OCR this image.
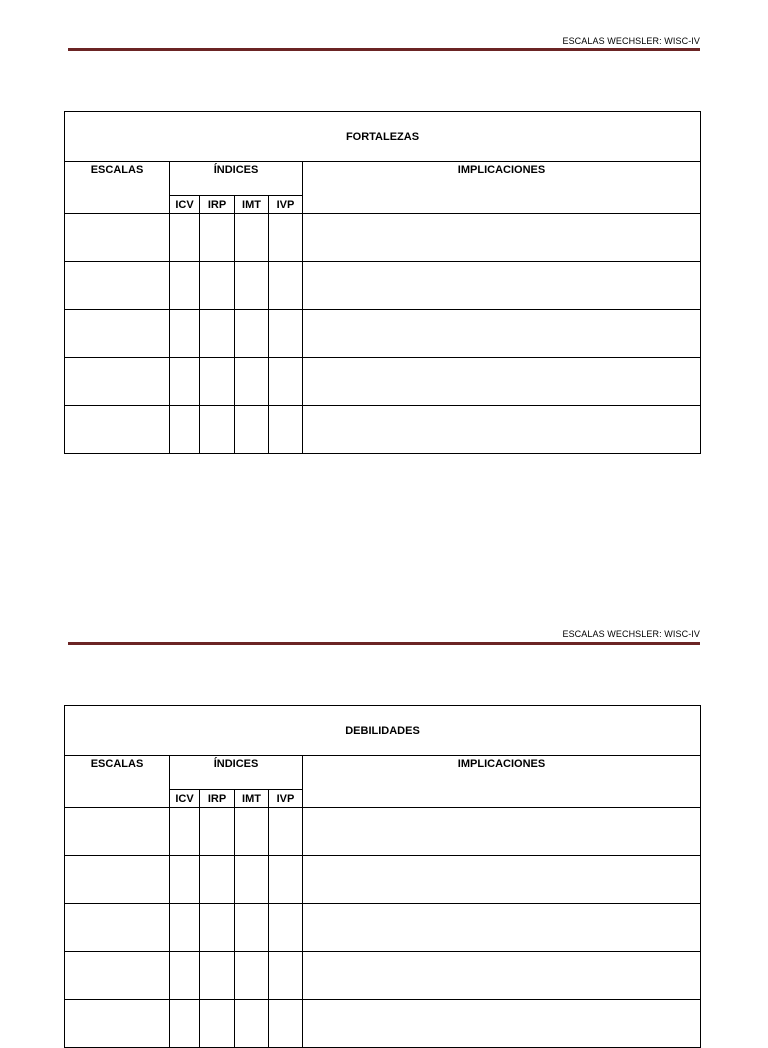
ESCALAS WECHSLER: WISC-IV
FORTALEZAS					
ESCALAS	ÍNDICES				IMPLICACIONES
	ICV	IRP	IMT	IVP	

ESCALAS WECHSLER: WISC-IV
DEBILIDADES					
ESCALAS	ÍNDICES				IMPLICACIONES
	ICV	IRP	IMT	IVP	
